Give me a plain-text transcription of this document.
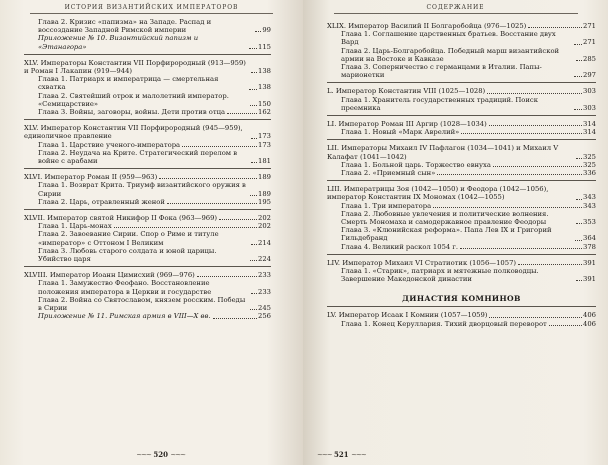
ИСТОРИЯ ВИЗАНТИЙСКИХ ИМПЕРАТОРОВ
Глава 2. Кризис «папизма» на Западе. Распад и воссоздание Западной Римской империи	99
Приложение № 10. Византийский папизм и «Этанагора»	115
XLV. Императоры Константин VII Порфирородный (913—959) и Роман I Лакапин (919—944)	138
Глава 1. Патриарх и императрица — смертельная схватка	138
Глава 2. Святейший отрок и малолетний император. «Семицарствие»	150
Глава 3. Войны, заговоры, войны. Дети против отца	162
XLV. Император Константин VII Порфирородный (945—959), единоличное правление	173
Глава 1. Царствие ученого-императора	173
Глава 2. Неудача на Крите. Стратегический перелом в войне с арабами	181
XLVI. Император Роман II (959—963)	189
Глава 1. Возврат Крита. Триумф византийского оружия в Сирии	189
Глава 2. Царь, отравленный женой	195
XLVII. Император святой Никифор II Фока (963—969)	202
Глава 1. Царь-монах	202
Глава 2. Завоевание Сирии. Спор о Риме и титуле «император» с Оттоном I Великим	214
Глава 3. Любовь старого солдата и юной царицы. Убийство царя	224
XLVIII. Император Иоанн Цимисхий (969—976)	233
Глава 1. Замужество Феофано. Восстановление положения императора в Церкви и государстве	233
Глава 2. Война со Святославом, князем росским. Победы в Сирии	245
Приложение № 11. Римская армия в VIII—X вв.	256
~~~ 520 ~~~
СОДЕРЖАНИЕ
XLIX. Император Василий II Болгаробойца (976—1025)	271
Глава 1. Соглашение царственных братьев. Восстание двух Вард	271
Глава 2. Царь-Болгаробойца. Победный марш византийской армии на Востоке и Кавказе	285
Глава 3. Соперничество с германцами в Италии. Папы-марионетки	297
L. Император Константин VIII (1025—1028)	303
Глава 1. Хранитель государственных традиций. Поиск преемника	303
LI. Император Роман III Аргир (1028—1034)	314
Глава 1. Новый «Марк Аврелий»	314
LII. Императоры Михаил IV Пафлагон (1034—1041) и Михаил V Калафат (1041—1042)	325
Глава 1. Больной царь. Торжество евнуха	325
Глава 2. «Приемный сын»	336
LIII. Императрицы Зоя (1042—1050) и Феодора (1042—1056), император Константин IX Мономах (1042—1055)	343
Глава 1. Три императора	343
Глава 2. Любовные увлечения и политические волнения. Смерть Мономаха и самодержавное правление Феодоры	353
Глава 3. «Клюнийская реформа». Папа Лев IX и Григорий Гильдебранд	364
Глава 4. Великий раскол 1054 г.	378
LIV. Император Михаил VI Стратиотик (1056—1057)	391
Глава 1. «Старик», патриарх и мятежные полководцы. Завершение Македонской династии	391
ДИНАСТИЯ КОМНИНОВ
LV. Император Исаак I Комнин (1057—1059)	406
Глава 1. Конец Керуллария. Тихий дворцовый переворот	406
~~~ 521 ~~~
